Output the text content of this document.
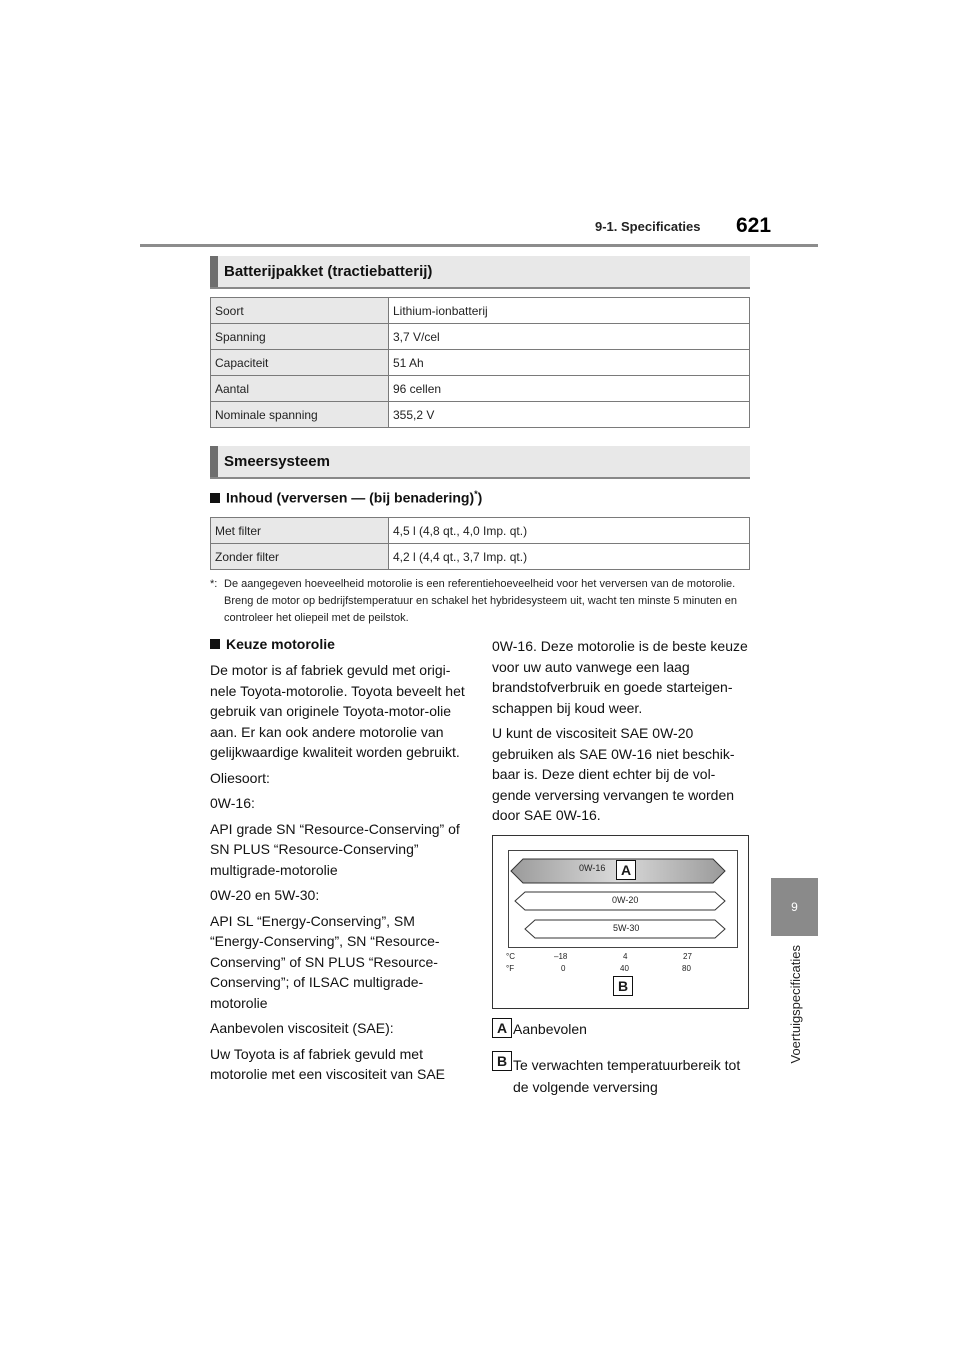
9-1. Specificaties 621
9
Voertuigspecificaties
Batterijpakket (tractiebatterij)
Soort	Lithium-ionbatterij
Spanning	3,7 V/cel
Capaciteit	51 Ah
Aantal	96 cellen
Nominale spanning	355,2 V
Smeersysteem
Inhoud (verversen — (bij benadering)*)
Met filter	4,5 l (4,8 qt., 4,0 Imp. qt.)
Zonder filter	4,2 l (4,4 qt., 3,7 Imp. qt.)
*: De aangegeven hoeveelheid motorolie is een referentiehoeveelheid voor het verversen van de motorolie. Breng de motor op bedrijfstemperatuur en schakel het hybridesysteem uit, wacht ten minste 5 minuten en controleer het oliepeil met de peilstok.
Keuze motorolie

De motor is af fabriek gevuld met origi-nele Toyota-motorolie. Toyota beveelt het gebruik van originele Toyota-motor-olie aan. Er kan ook andere motorolie van gelijkwaardige kwaliteit worden gebruikt.

Oliesoort:

0W-16:

API grade SN “Resource-Conserving” of SN PLUS “Resource-Conserving” multigrade-motorolie

0W-20 en 5W-30:

API SL “Energy-Conserving”, SM “Energy-Conserving”, SN “Resource-Conserving” of SN PLUS “Resource-Conserving”; of ILSAC multigrade-motorolie

Aanbevolen viscositeit (SAE):

Uw Toyota is af fabriek gevuld met motorolie met een viscositeit van SAE

0W-16. Deze motorolie is de beste keuze voor uw auto vanwege een laag brandstofverbruik en goede starteigen-schappen bij koud weer.

U kunt de viscositeit SAE 0W-20 gebruiken als SAE 0W-16 niet beschik-baar is. Deze dient echter bij de vol-gende verversing vervangen te worden door SAE 0W-16.

0W-16
0W-20
5W-30
A
°C
°F
–18	4	27
0	40	80
B
A Aanbevolen
B Te verwachten temperatuurbereik tot de volgende verversing
